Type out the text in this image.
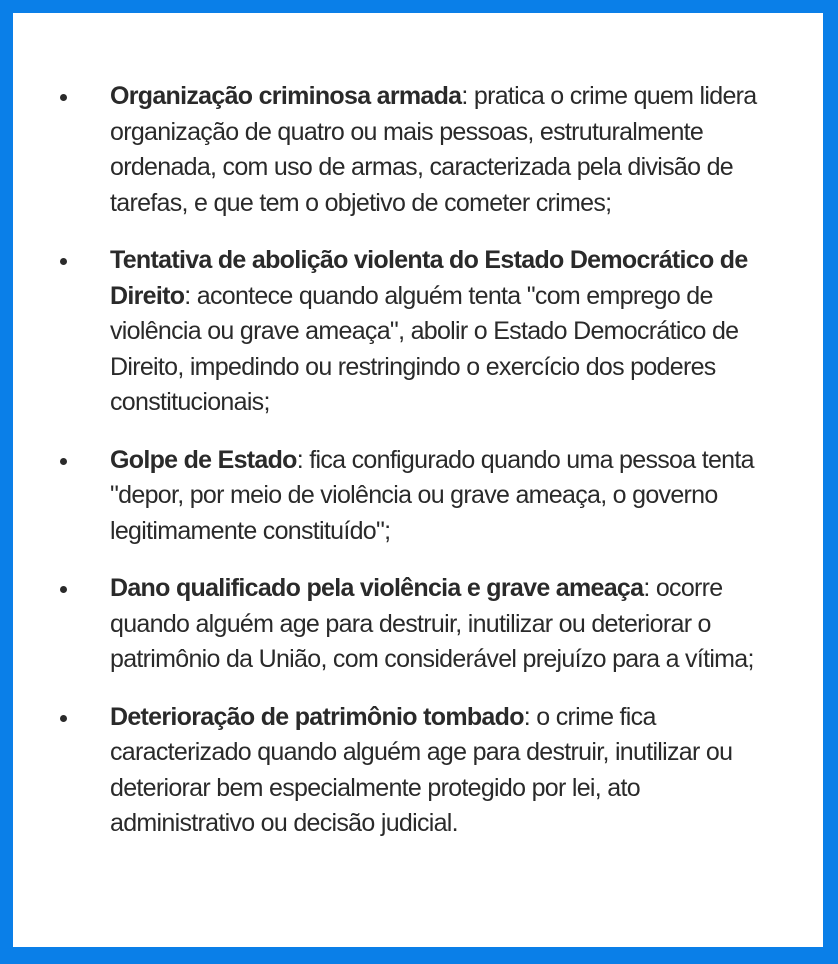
Organização criminosa armada: pratica o crime quem lidera organização de quatro ou mais pessoas, estruturalmente ordenada, com uso de armas, caracterizada pela divisão de tarefas, e que tem o objetivo de cometer crimes;
Tentativa de abolição violenta do Estado Democrático de Direito: acontece quando alguém tenta "com emprego de violência ou grave ameaça", abolir o Estado Democrático de Direito, impedindo ou restringindo o exercício dos poderes constitucionais;
Golpe de Estado: fica configurado quando uma pessoa tenta "depor, por meio de violência ou grave ameaça, o governo legitimamente constituído";
Dano qualificado pela violência e grave ameaça: ocorre quando alguém age para destruir, inutilizar ou deteriorar o patrimônio da União, com considerável prejuízo para a vítima;
Deterioração de patrimônio tombado: o crime fica caracterizado quando alguém age para destruir, inutilizar ou deteriorar bem especialmente protegido por lei, ato administrativo ou decisão judicial.
